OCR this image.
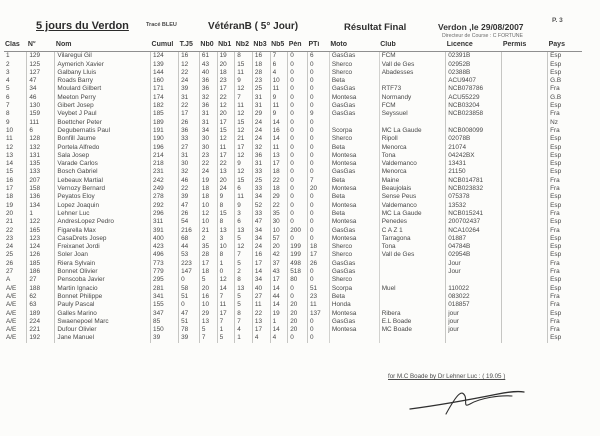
5 jours du Verdon	Tracé BLEU	VétéranB ( 5° Jour)	Résultat Final	Verdon ,le 29/08/2007
Directeur de Course : C FORTUNE
P. 3
Clas	N°	Nom	Cumul	T.J5	Nb0	Nb1	Nb2	Nb3	Nb5	Pén	PTi	Moto	Club	Licence	Permis	Pays
1	129	Vilaregui Gil	124	16	61	19	8	16	7	0	6	GasGas	FCM	02391B		Esp
2	125	Aymerich Xavier	139	12	43	20	15	18	6	0	0	Sherco	Vall de Ges	02952B		Esp
3	127	Galbany Lluis	144	22	40	18	11	28	4	0	0	Sherco	Abadesses	02388B		Esp
4	47	Roads Barry	160	24	36	23	9	23	10	0	0	Beta		ACU9407		G.B
5	34	Moulard Gilbert	171	39	36	17	12	25	11	0	0	GasGas	RTF73	NCB078786		Fra
6	46	Meeton Perry	174	31	32	22	7	31	9	0	0	Montesa	Normandy	ACU55229		G.B
7	130	Gibert Josep	182	22	36	12	11	31	11	0	0	GasGas	FCM	NCB03204		Esp
8	159	Veybet J Paul	185	17	31	20	12	29	9	0	9	GasGas	Seyssuel	NCB023858		Fra
9	111	Boettcher Peter	189	26	31	17	15	24	14	0	0					Nz
10	6	Degubernatis Paul	191	36	34	15	12	24	16	0	0	Scorpa	MC La Gaude	NCB008099		Fra
11	128	Bonfill Jaume	190	33	30	12	21	24	14	0	0	Sherco	Ripoll	02078B		Esp
12	132	Portela Alfredo	196	27	30	11	17	32	11	0	0	Beta	Menorca	21074		Esp
13	131	Sala Josep	214	31	23	17	12	36	13	0	0	Montesa	Tona	04242BX		Esp
14	135	Varade Carlos	218	30	22	22	9	31	17	0	0	Montesa	Valdemanco	13431		Esp
15	133	Bosch Gabriel	231	32	24	13	12	33	18	0	0	GasGas	Menorca	21150		Esp
16	207	Lebeaux Martial	242	46	19	20	15	25	22	0	7	Beta	Maine	NCB014781		Fra
17	158	Vernozy Bernard	249	22	18	24	6	33	18	0	20	Montesa	Beaujolais	NCB023832		Fra
18	136	Peyatos Eloy	278	39	18	9	11	34	29	0	0	Beta	Sense Peus	075378		Esp
19	134	Lopez Joaquin	292	47	10	8	9	52	22	0	0	Montesa	Valdemanco	13532		Esp
20	1	Lehner Luc	296	26	12	15	3	33	35	0	0	Beta	MC La Gaude	NCB015241		Fra
21	122	AndresLopez Pedro	311	54	10	8	6	47	30	0	0	Montesa	Penedes	200702437		Esp
22	165	Figarella Max	391	216	21	13	13	34	10	200	0	GasGas	C A Z 1	NCA10264		Fra
23	123	CasaDrets Josep	400	68	2	3	5	34	57	0	0	Montesa	Tarragona	01887		Esp
24	124	Freixanet Jordi	423	44	35	10	12	24	20	199	18	Sherco	Tona	04784B		Esp
25	126	Soler Joan	496	53	28	8	7	16	42	199	17	Sherco	Vall de Ges	02954B		Esp
26	185	Riera Sylvain	773	223	17	1	5	17	37	498	26	GasGas		Jour		Fra
27	186	Bonnet Olivier	779	147	18	0	2	14	43	518	0	GasGas		Jour		Fra
A	27	Penscoba Javier	295	0	5	12	8	34	17	80	0	Sherco				Esp
A/E	188	Martin Ignacio	281	58	20	14	13	40	14	0	51	Scorpa	Muel	110022		Esp
A/E	62	Bonnet Philippe	341	51	16	7	5	27	44	0	23	Beta		083022		Fra
A/E	63	Pauly Pascal	155	0	10	11	5	11	14	20	11	Honda		018857		Fra
A/E	189	Galles Marino	347	47	29	17	8	22	19	20	137	Montesa	Ribera	jour		Esp
A/E	224	Swaenepoel Marc	85	51	13	7	7	13	1	20	0	GasGas	E.L Boade	jour		Fra
A/E	221	Dufour Olivier	150	78	5	1	4	17	14	20	0	Montesa	MC Boade	jour		Fra
A/E	192	Jane Manuel	39	39	7	5	1	4	4	0	0					Esp
for M.C Boade by Dr Lehner Luc : ( 19.05 )
